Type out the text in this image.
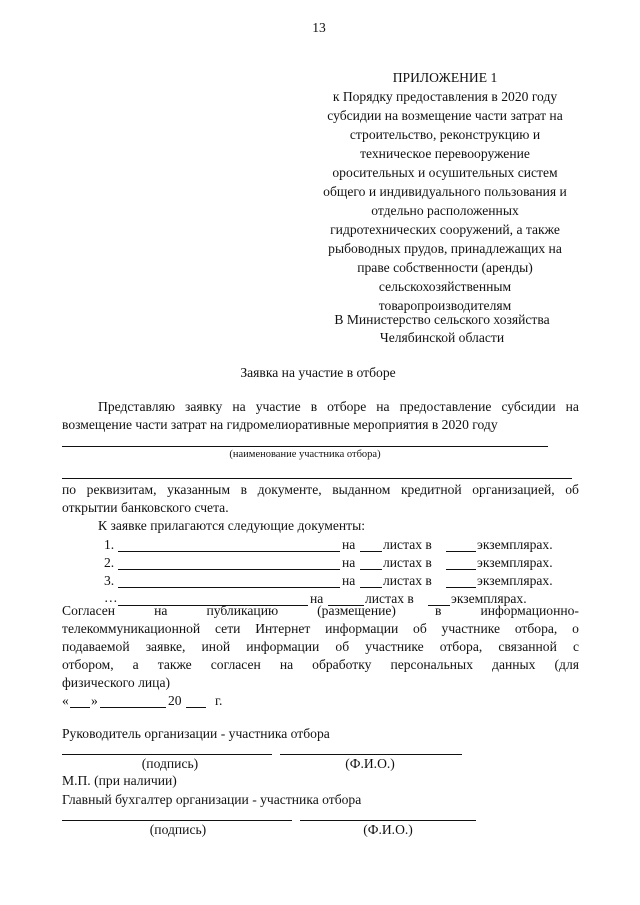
13
ПРИЛОЖЕНИЕ 1
к Порядку предоставления в 2020 году
субсидии на возмещение части затрат на
строительство, реконструкцию и
техническое перевооружение
оросительных и осушительных систем
общего и индивидуального пользования и
отдельно расположенных
гидротехнических сооружений, а также
рыбоводных прудов, принадлежащих на
праве собственности (аренды)
сельскохозяйственным
товаропроизводителям
В Министерство сельского хозяйства
Челябинской области
Заявка на участие в отборе
Представляю заявку на участие в отборе на предоставление субсидии на
возмещение части затрат на гидромелиоративные мероприятия в 2020 году
(наименование участника отбора)
по реквизитам, указанным в документе, выданном кредитной организацией, об
открытии банковского счета.
К заявке прилагаются следующие документы:
1.	на листах в	экземплярах.
2.	на листах в	экземплярах.
3.	на листах в	экземплярах.
…	на	листах в	экземплярах.
Согласен	на	публикацию	(размещение)	в	информационно-
телекоммуникационной сети Интернет информации об участнике отбора, о
подаваемой заявке, иной информации об участнике отбора, связанной с
отбором, а также согласен на обработку персональных данных (для
физического лица)
« »	20 г.
Руководитель организации - участника отбора
(подпись)	(Ф.И.О.)
М.П. (при наличии)
Главный бухгалтер организации - участника отбора
(подпись)	(Ф.И.О.)
